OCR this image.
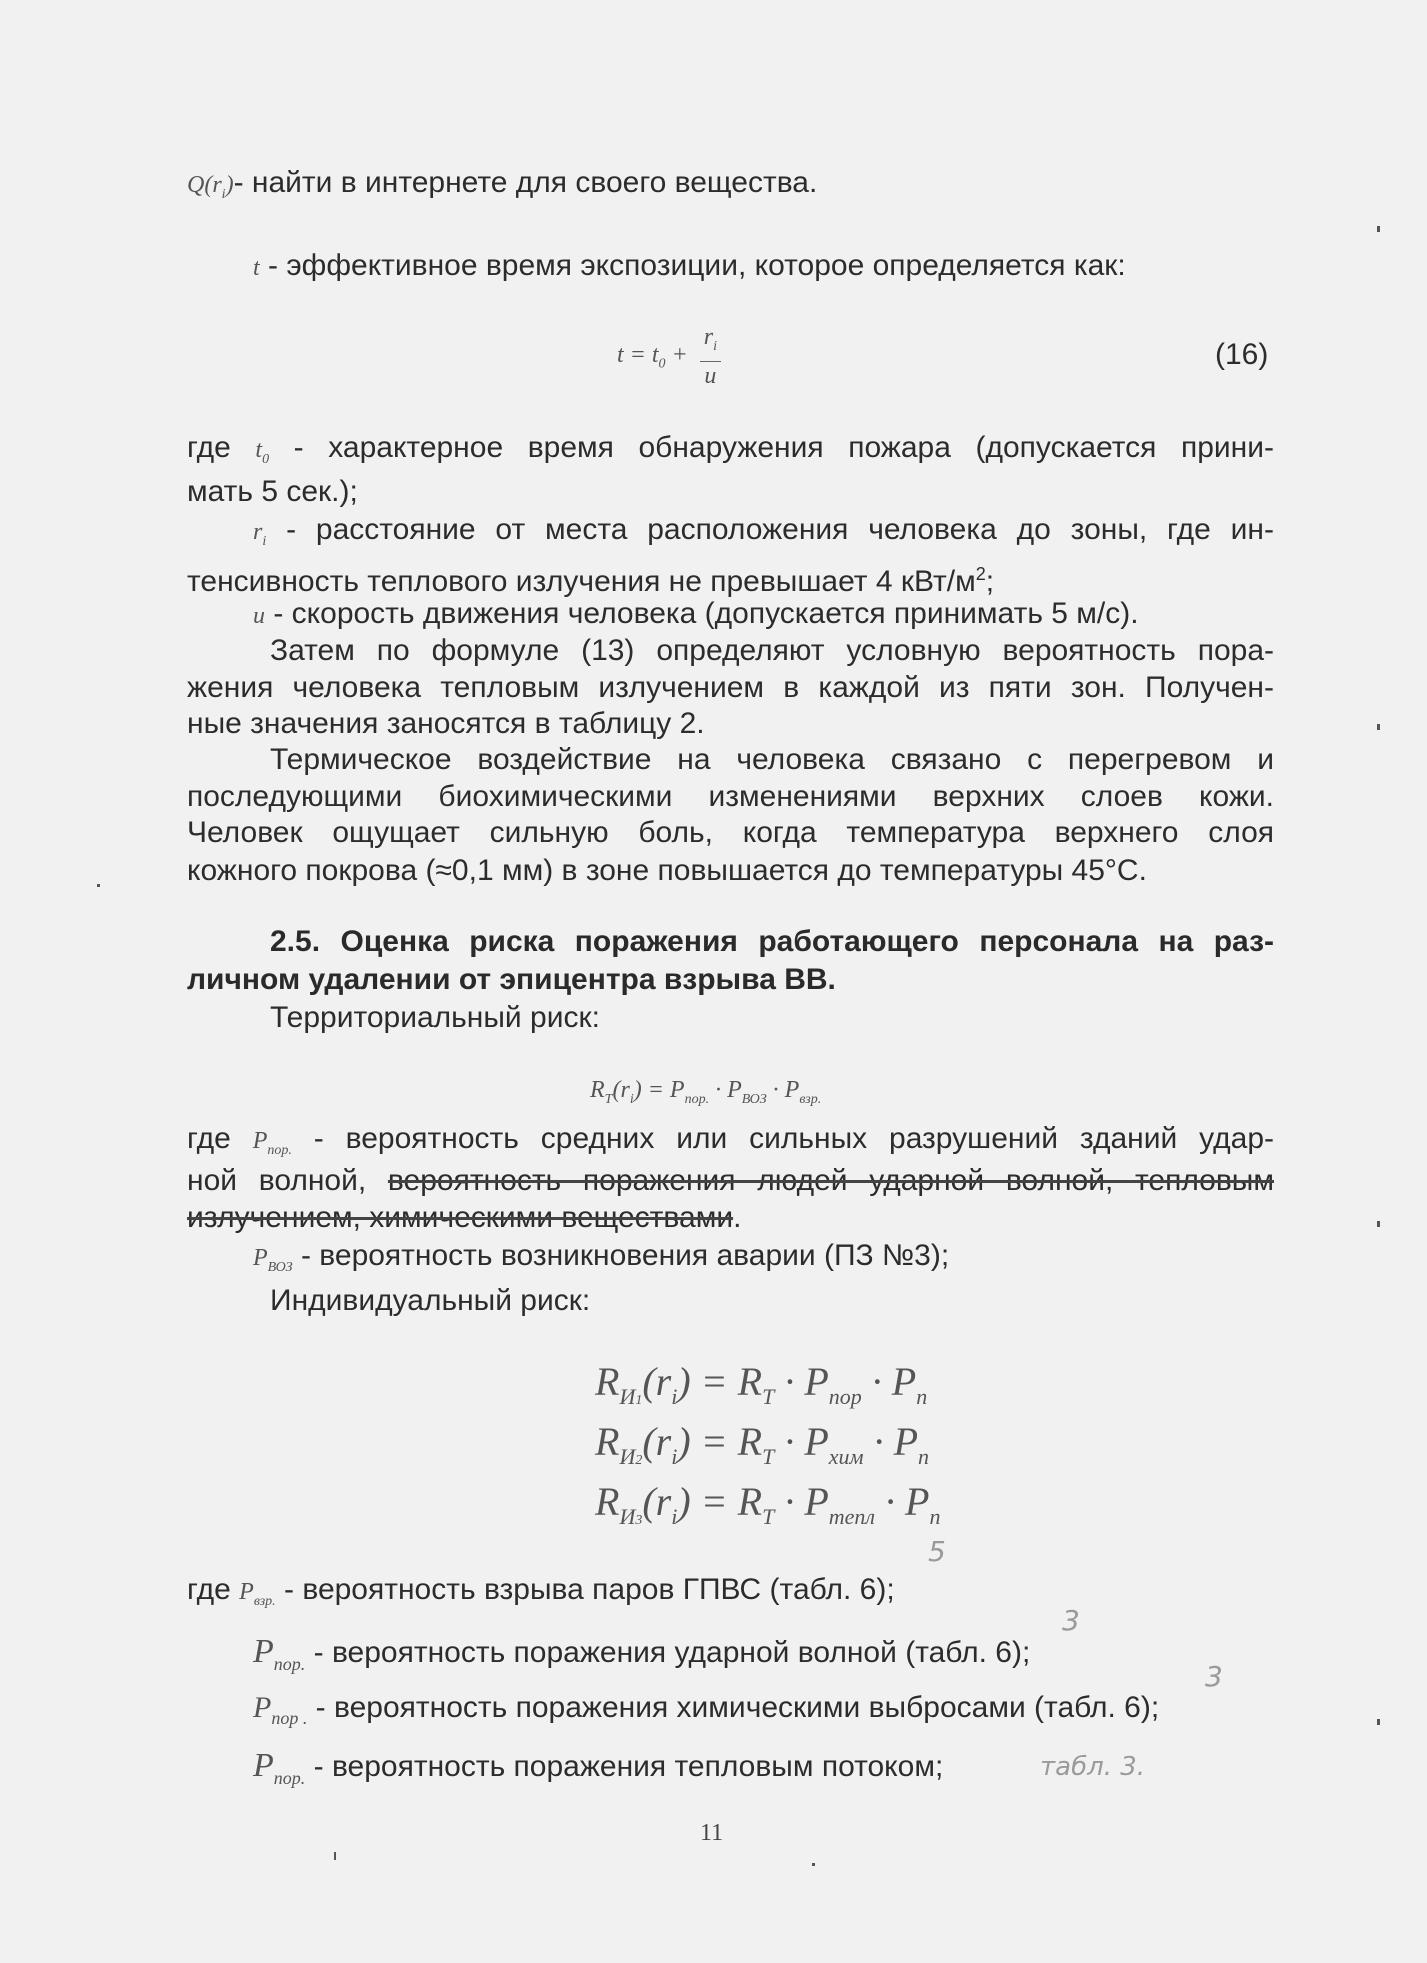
$Q(r_i)-$ найти в интернете для своего вещества.
t - эффективное время экспозиции, которое определяется как:
$t = t_0 + \frac{r_i}{u}$	(16)
где $t_0$ - характерное время обнаружения пожара (допускается прини-
мать 5 сек.);
$r_i$ - расстояние от места расположения человека до зоны, где ин-
тенсивность теплового излучения не превышает 4 кВт/$м^2$;
u - скорость движения человека (допускается принимать 5 м/с).
Затем по формуле (13) определяют условную вероятность пора-
жения человека тепловым излучением в каждой из пяти зон. Получен-
ные значения заносятся в таблицу 2.
Термическое воздействие на человека связано с перегревом и
последующими биохимическими изменениями верхних слоев кожи.
Человек ощущает сильную боль, когда температура верхнего слоя
кожного покрова (≈0,1 мм) в зоне повышается до температуры 45°С.
2.5. Оценка риска поражения работающего персонала на раз-
личном удалении от эпицентра взрыва ВВ.
Территориальный риск:
$R_T(r_i) = P_{пор.} \cdot P_{ВОЗ} \cdot P_{взр.}$
где $P_{пор.}$ - вероятность средних или сильных разрушений зданий удар-
ной волной, вероятность поражения людей ударной волной, тепловым
излучением, химическими веществами.
$P_{ВОЗ}$ - вероятность возникновения аварии (ПЗ №3);
Индивидуальный риск:
$R_{И1}(r_i) = R_T \cdot P_{пор} \cdot P_n$
$R_{И2}(r_i) = R_T \cdot P_{хим} \cdot P_n$
$R_{И3}(r_i) = R_T \cdot P_{тепл} \cdot P_n$
где $P_{взр.}$ - вероятность взрыва паров ГПВС (табл. 6);
$P_{пор.}$ - вероятность поражения ударной волной (табл. 6);
$P_{пор .}$ - вероятность поражения химическими выбросами (табл. 6);
$P_{пор.}$ - вероятность поражения тепловым потоком;
5
3
3
табл. 3.
11
